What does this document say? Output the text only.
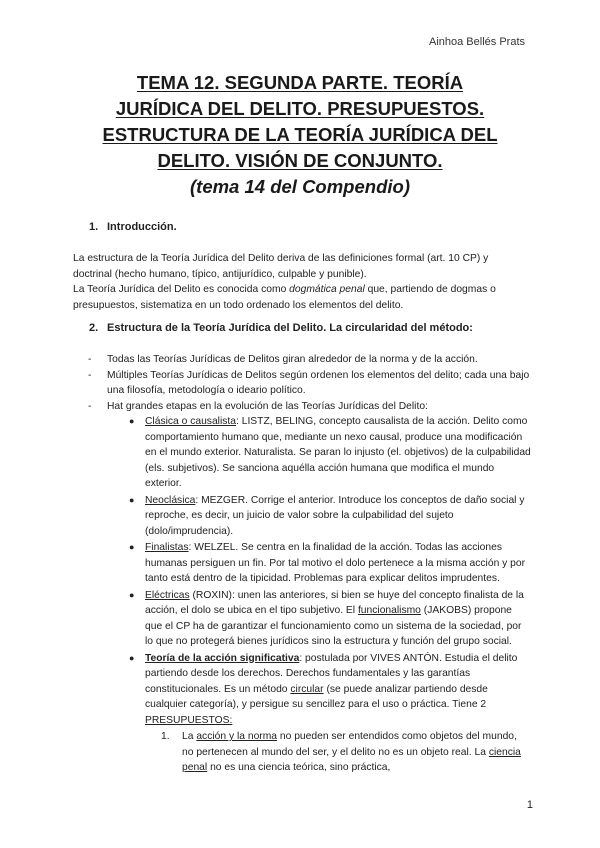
Ainhoa Bellés Prats
TEMA 12. SEGUNDA PARTE. TEORÍA
JURÍDICA DEL DELITO. PRESUPUESTOS.
ESTRUCTURA DE LA TEORÍA JURÍDICA DEL
DELITO. VISIÓN DE CONJUNTO.
(tema 14 del Compendio)
1. Introducción.
La estructura de la Teoría Jurídica del Delito deriva de las definiciones formal (art. 10 CP) y doctrinal (hecho humano, típico, antijurídico, culpable y punible).
La Teoría Jurídica del Delito es conocida como dogmática penal que, partiendo de dogmas o presupuestos, sistematiza en un todo ordenado los elementos del delito.
2. Estructura de la Teoría Jurídica del Delito. La circularidad del método:
- Todas las Teorías Jurídicas de Delitos giran alrededor de la norma y de la acción.
- Múltiples Teorías Jurídicas de Delitos según ordenen los elementos del delito; cada una bajo una filosofía, metodología o ideario político.
- Hat grandes etapas en la evolución de las Teorías Jurídicas del Delito:
● Clásica o causalista: LISTZ, BELING, concepto causalista de la acción. Delito como comportamiento humano que, mediante un nexo causal, produce una modificación en el mundo exterior. Naturalista. Se paran lo injusto (el. objetivos) de la culpabilidad (els. subjetivos). Se sanciona aquélla acción humana que modifica el mundo exterior.
● Neoclásica: MEZGER. Corrige el anterior. Introduce los conceptos de daño social y reproche, es decir, un juicio de valor sobre la culpabilidad del sujeto (dolo/imprudencia).
● Finalistas: WELZEL. Se centra en la finalidad de la acción. Todas las acciones humanas persiguen un fin. Por tal motivo el dolo pertenece a la misma acción y por tanto está dentro de la tipicidad. Problemas para explicar delitos imprudentes.
● Eléctricas (ROXIN): unen las anteriores, si bien se huye del concepto finalista de la acción, el dolo se ubica en el tipo subjetivo. El funcionalismo (JAKOBS) propone que el CP ha de garantizar el funcionamiento como un sistema de la sociedad, por lo que no protegerá bienes jurídicos sino la estructura y función del grupo social.
● Teoría de la acción significativa: postulada por VIVES ANTÓN. Estudia el delito partiendo desde los derechos. Derechos fundamentales y las garantías constitucionales. Es un método circular (se puede analizar partiendo desde cualquier categoría), y persigue su sencillez para el uso o práctica. Tiene 2 PRESUPUESTOS:
1. La acción y la norma no pueden ser entendidos como objetos del mundo, no pertenecen al mundo del ser, y el delito no es un objeto real. La ciencia penal no es una ciencia teórica, sino práctica,
1
